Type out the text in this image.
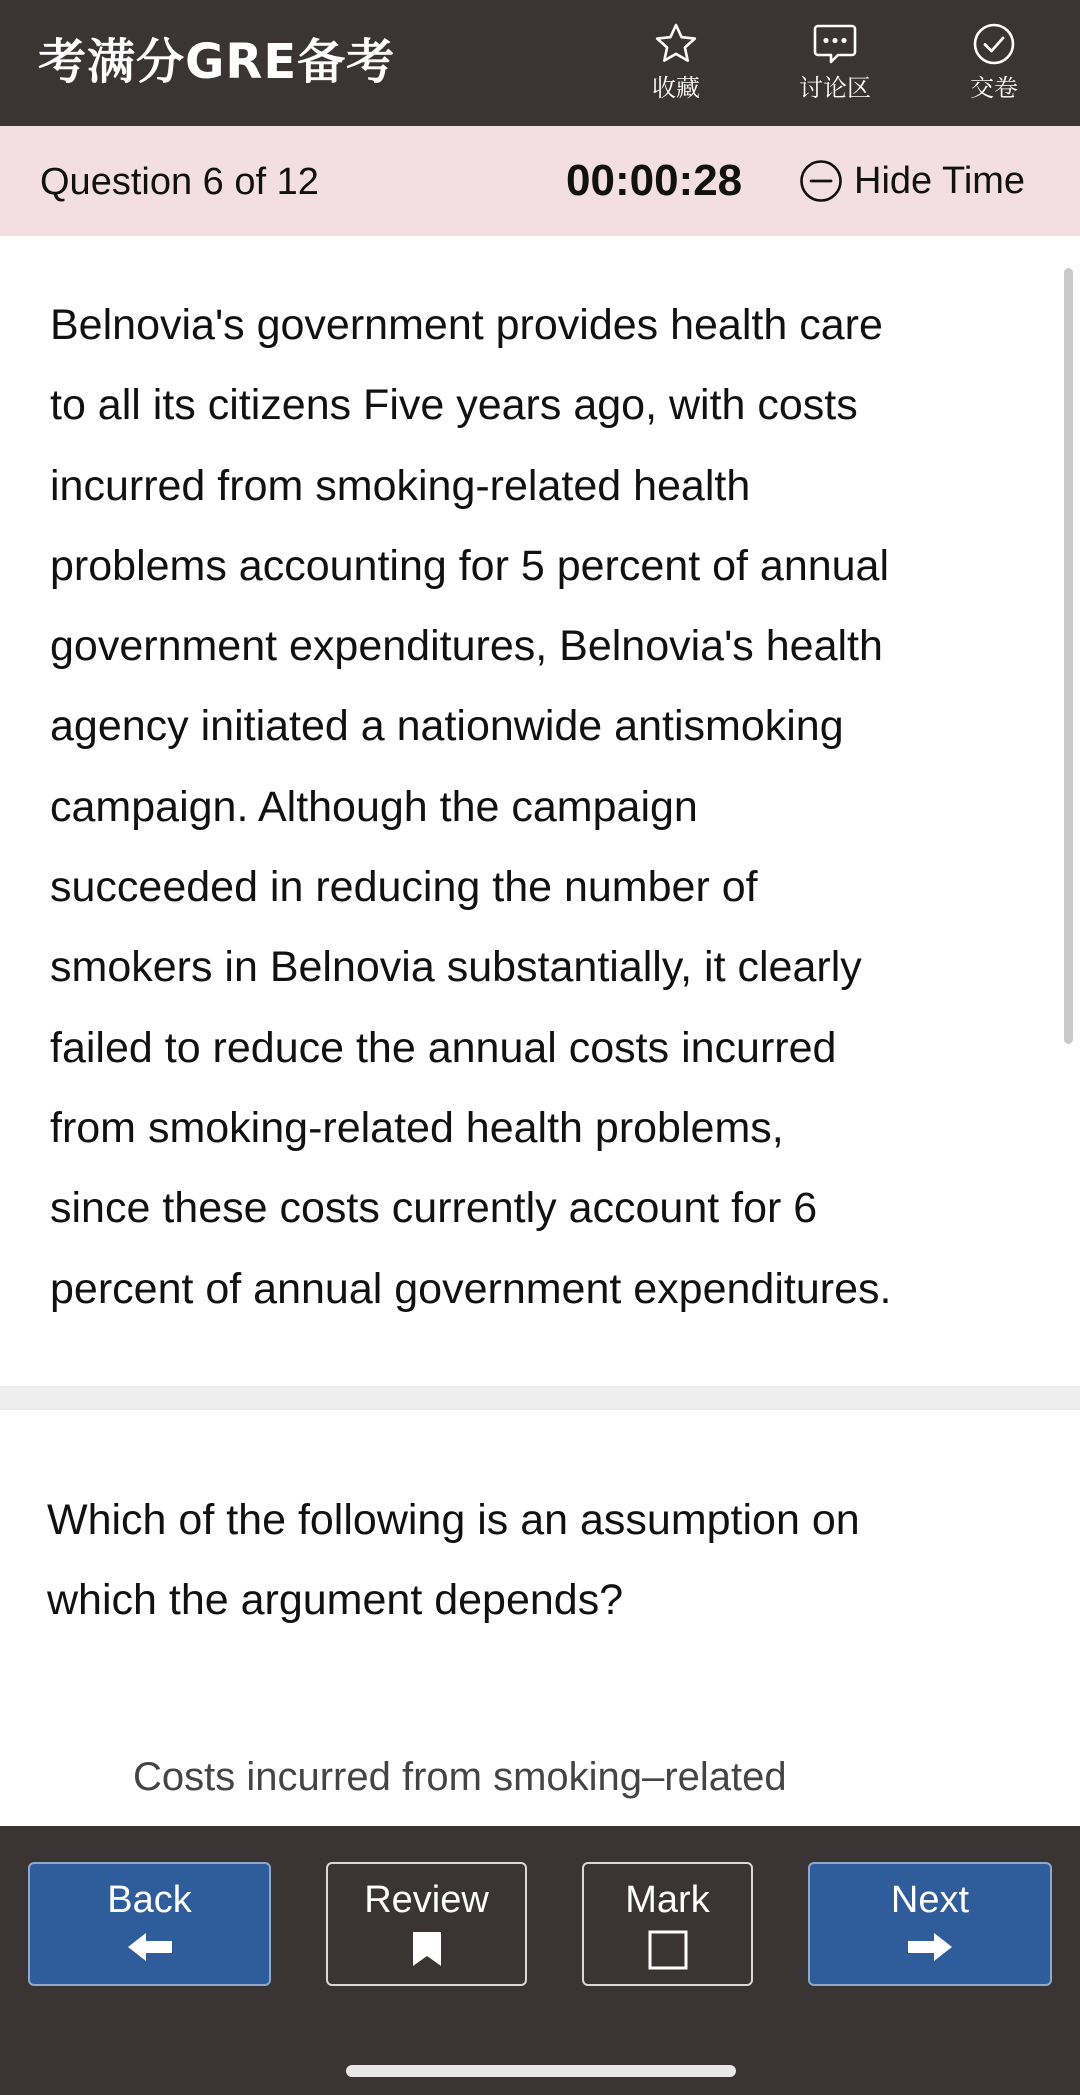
考满分GRE备考	收藏	讨论区	交卷
Question 6 of 12	00:00:28	Hide Time
Belnovia's government provides health care
to all its citizens Five years ago, with costs
incurred from smoking-related health
problems accounting for 5 percent of annual
government expenditures, Belnovia's health
agency initiated a nationwide antismoking
campaign. Although the campaign
succeeded in reducing the number of
smokers in Belnovia substantially, it clearly
failed to reduce the annual costs incurred
from smoking-related health problems,
since these costs currently account for 6
percent of annual government expenditures.
Which of the following is an assumption on
which the argument depends?
Costs incurred from smoking–related
Back	Review	Mark	Next
